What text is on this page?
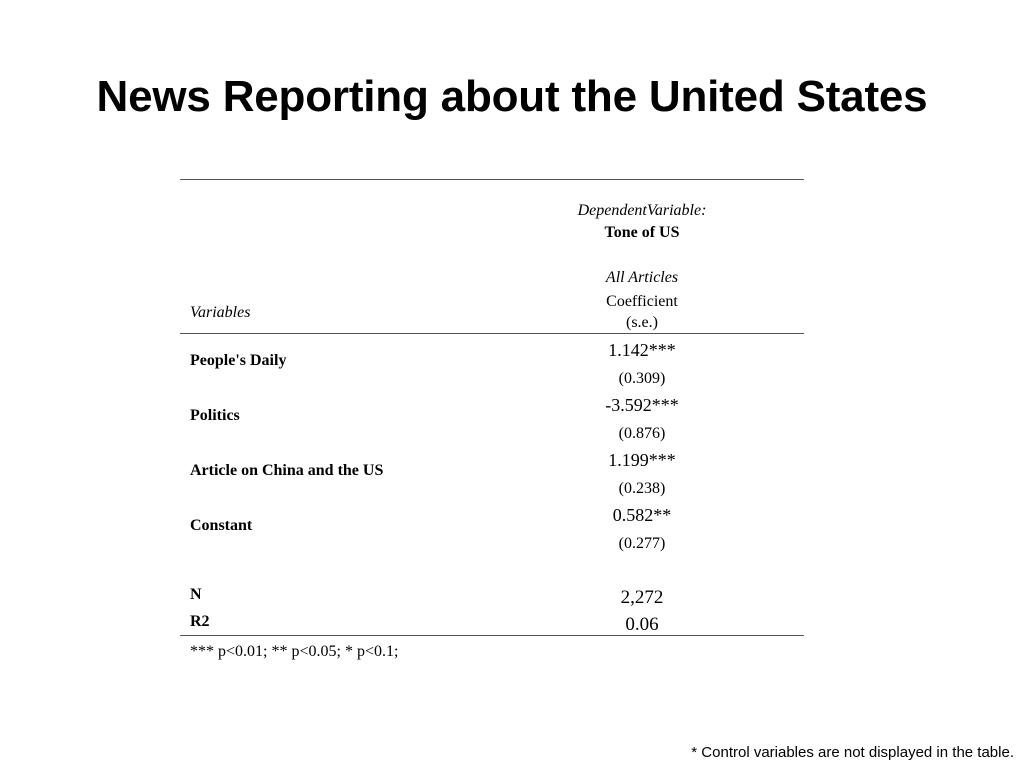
News Reporting about the United States
DependentVariable:
Tone of US
All Articles
Coefficient
(s.e.)
Variables
People's Daily
1.142***
(0.309)
Politics
-3.592***
(0.876)
Article on China and the US
1.199***
(0.238)
Constant
0.582**
(0.277)
N	2,272
R2	0.06
*** p<0.01; ** p<0.05; * p<0.1;
* Control variables are not displayed in the table.
